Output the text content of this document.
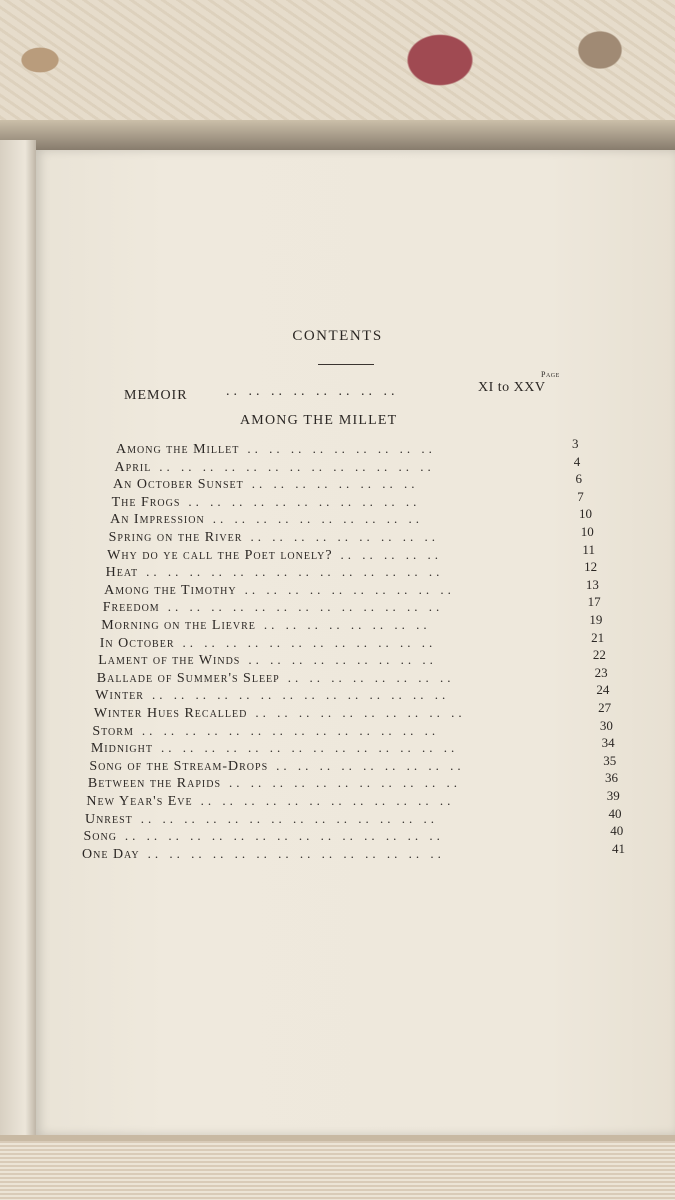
CONTENTS
Page
MEMOIR	.. .. .. .. .. .. .. ..	XI to XXV
AMONG THE MILLET
Among the Millet .. .. .. .. .. .. .. .. ..	3
April .. .. .. .. .. .. .. .. .. .. .. .. ..	4
An October Sunset .. .. .. .. .. .. .. ..	6
The Frogs .. .. .. .. .. .. .. .. .. .. ..	7
An Impression .. .. .. .. .. .. .. .. .. ..	10
Spring on the River .. .. .. .. .. .. .. .. ..	10
Why do ye call the Poet lonely? .. .. .. .. ..	11
Heat .. .. .. .. .. .. .. .. .. .. .. .. .. ..	12
Among the Timothy .. .. .. .. .. .. .. .. .. ..	13
Freedom .. .. .. .. .. .. .. .. .. .. .. .. ..	17
Morning on the Lievre .. .. .. .. .. .. .. ..	19
In October .. .. .. .. .. .. .. .. .. .. .. ..	21
Lament of the Winds .. .. .. .. .. .. .. .. ..	22
Ballade of Summer's Sleep .. .. .. .. .. .. .. ..	23
Winter .. .. .. .. .. .. .. .. .. .. .. .. .. ..	24
Winter Hues Recalled .. .. .. .. .. .. .. .. .. ..	27
Storm .. .. .. .. .. .. .. .. .. .. .. .. .. ..	30
Midnight .. .. .. .. .. .. .. .. .. .. .. .. .. ..	34
Song of the Stream-Drops .. .. .. .. .. .. .. .. ..	35
Between the Rapids .. .. .. .. .. .. .. .. .. .. ..	36
New Year's Eve .. .. .. .. .. .. .. .. .. .. .. ..	39
Unrest .. .. .. .. .. .. .. .. .. .. .. .. .. ..	40
Song .. .. .. .. .. .. .. .. .. .. .. .. .. .. ..	40
One Day .. .. .. .. .. .. .. .. .. .. .. .. .. ..	41
